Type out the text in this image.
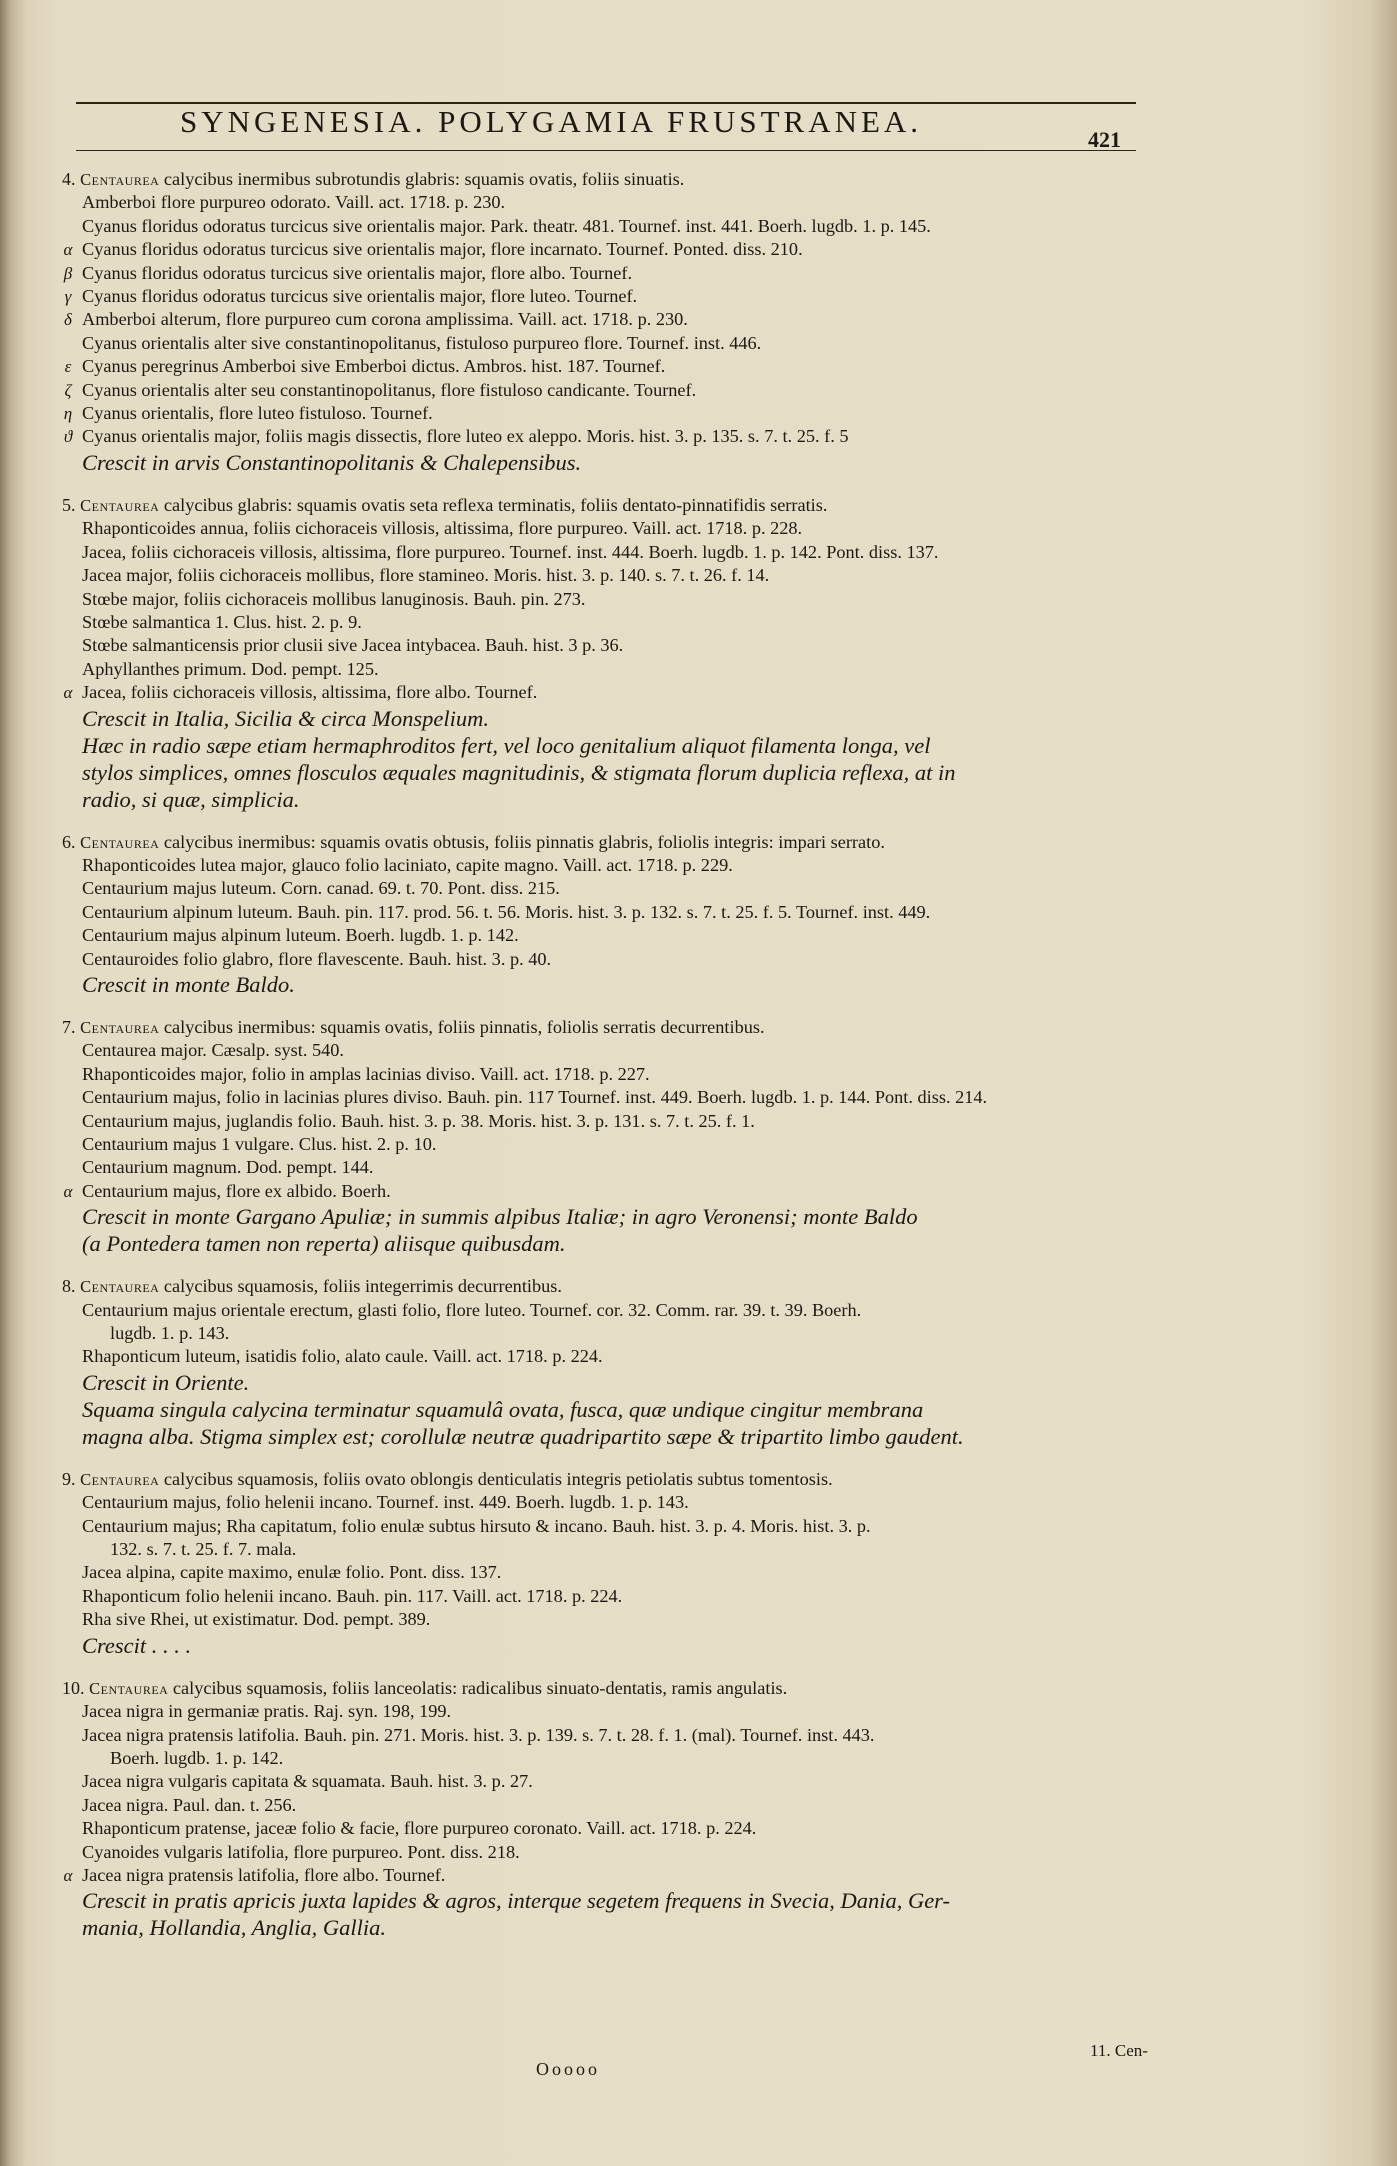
SYNGENESIA. POLYGAMIA FRUSTRANEA.
421
4. Centaurea calycibus inermibus subrotundis glabris: squamis ovatis, foliis sinuatis.
Amberboi flore purpureo odorato. Vaill. act. 1718. p. 230.
Cyanus floridus odoratus turcicus sive orientalis major. Park. theatr. 481. Tournef. inst. 441. Boerh. lugdb. 1. p. 145.
α Cyanus floridus odoratus turcicus sive orientalis major, flore incarnato. Tournef. Ponted. diss. 210.
β Cyanus floridus odoratus turcicus sive orientalis major, flore albo. Tournef.
γ Cyanus floridus odoratus turcicus sive orientalis major, flore luteo. Tournef.
δ Amberboi alterum, flore purpureo cum corona amplissima. Vaill. act. 1718. p. 230.
Cyanus orientalis alter sive constantinopolitanus, fistuloso purpureo flore. Tournef. inst. 446.
ε Cyanus peregrinus Amberboi sive Emberboi dictus. Ambros. hist. 187. Tournef.
ζ Cyanus orientalis alter seu constantinopolitanus, flore fistuloso candicante. Tournef.
η Cyanus orientalis, flore luteo fistuloso. Tournef.
ϑ Cyanus orientalis major, foliis magis dissectis, flore luteo ex aleppo. Moris. hist. 3. p. 135. s. 7. t. 25. f. 5
Crescit in arvis Constantinopolitanis & Chalepensibus.
5. Centaurea calycibus glabris: squamis ovatis seta reflexa terminatis, foliis dentato-pinnatifidis serratis.
Rhaponticoides annua, foliis cichoraceis villosis, altissima, flore purpureo. Vaill. act. 1718. p. 228.
Jacea, foliis cichoraceis villosis, altissima, flore purpureo. Tournef. inst. 444. Boerh. lugdb. 1. p. 142. Pont. diss. 137.
Jacea major, foliis cichoraceis mollibus, flore stamineo. Moris. hist. 3. p. 140. s. 7. t. 26. f. 14.
Stœbe major, foliis cichoraceis mollibus lanuginosis. Bauh. pin. 273.
Stœbe salmantica 1. Clus. hist. 2. p. 9.
Stœbe salmanticensis prior clusii sive Jacea intybacea. Bauh. hist. 3 p. 36.
Aphyllanthes primum. Dod. pempt. 125.
α Jacea, foliis cichoraceis villosis, altissima, flore albo. Tournef.
Crescit in Italia, Sicilia & circa Monspelium.
Hæc in radio sæpe etiam hermaphroditos fert, vel loco genitalium aliquot filamenta longa, vel
stylos simplices, omnes flosculos æquales magnitudinis, & stigmata florum duplicia reflexa, at in
radio, si quæ, simplicia.
6. Centaurea calycibus inermibus: squamis ovatis obtusis, foliis pinnatis glabris, foliolis integris: impari serrato.
Rhaponticoides lutea major, glauco folio laciniato, capite magno. Vaill. act. 1718. p. 229.
Centaurium majus luteum. Corn. canad. 69. t. 70. Pont. diss. 215.
Centaurium alpinum luteum. Bauh. pin. 117. prod. 56. t. 56. Moris. hist. 3. p. 132. s. 7. t. 25. f. 5. Tournef. inst. 449.
Centaurium majus alpinum luteum. Boerh. lugdb. 1. p. 142.
Centauroides folio glabro, flore flavescente. Bauh. hist. 3. p. 40.
Crescit in monte Baldo.
7. Centaurea calycibus inermibus: squamis ovatis, foliis pinnatis, foliolis serratis decurrentibus.
Centaurea major. Cæsalp. syst. 540.
Rhaponticoides major, folio in amplas lacinias diviso. Vaill. act. 1718. p. 227.
Centaurium majus, folio in lacinias plures diviso. Bauh. pin. 117 Tournef. inst. 449. Boerh. lugdb. 1. p. 144. Pont. diss. 214.
Centaurium majus, juglandis folio. Bauh. hist. 3. p. 38. Moris. hist. 3. p. 131. s. 7. t. 25. f. 1.
Centaurium majus 1 vulgare. Clus. hist. 2. p. 10.
Centaurium magnum. Dod. pempt. 144.
α Centaurium majus, flore ex albido. Boerh.
Crescit in monte Gargano Apuliæ; in summis alpibus Italiæ; in agro Veronensi; monte Baldo
(a Pontedera tamen non reperta) aliisque quibusdam.
8. Centaurea calycibus squamosis, foliis integerrimis decurrentibus.
Centaurium majus orientale erectum, glasti folio, flore luteo. Tournef. cor. 32. Comm. rar. 39. t. 39. Boerh.
lugdb. 1. p. 143.
Rhaponticum luteum, isatidis folio, alato caule. Vaill. act. 1718. p. 224.
Crescit in Oriente.
Squama singula calycina terminatur squamulâ ovata, fusca, quæ undique cingitur membrana
magna alba. Stigma simplex est; corollulæ neutræ quadripartito sæpe & tripartito limbo gaudent.
9. Centaurea calycibus squamosis, foliis ovato oblongis denticulatis integris petiolatis subtus tomentosis.
Centaurium majus, folio helenii incano. Tournef. inst. 449. Boerh. lugdb. 1. p. 143.
Centaurium majus; Rha capitatum, folio enulæ subtus hirsuto & incano. Bauh. hist. 3. p. 4. Moris. hist. 3. p.
132. s. 7. t. 25. f. 7. mala.
Jacea alpina, capite maximo, enulæ folio. Pont. diss. 137.
Rhaponticum folio helenii incano. Bauh. pin. 117. Vaill. act. 1718. p. 224.
Rha sive Rhei, ut existimatur. Dod. pempt. 389.
Crescit . . . .
10. Centaurea calycibus squamosis, foliis lanceolatis: radicalibus sinuato-dentatis, ramis angulatis.
Jacea nigra in germaniæ pratis. Raj. syn. 198, 199.
Jacea nigra pratensis latifolia. Bauh. pin. 271. Moris. hist. 3. p. 139. s. 7. t. 28. f. 1. (mal). Tournef. inst. 443.
Boerh. lugdb. 1. p. 142.
Jacea nigra vulgaris capitata & squamata. Bauh. hist. 3. p. 27.
Jacea nigra. Paul. dan. t. 256.
Rhaponticum pratense, jaceæ folio & facie, flore purpureo coronato. Vaill. act. 1718. p. 224.
Cyanoides vulgaris latifolia, flore purpureo. Pont. diss. 218.
α Jacea nigra pratensis latifolia, flore albo. Tournef.
Crescit in pratis apricis juxta lapides & agros, interque segetem frequens in Svecia, Dania, Ger-
mania, Hollandia, Anglia, Gallia.
Ooooo
11. Cen-
